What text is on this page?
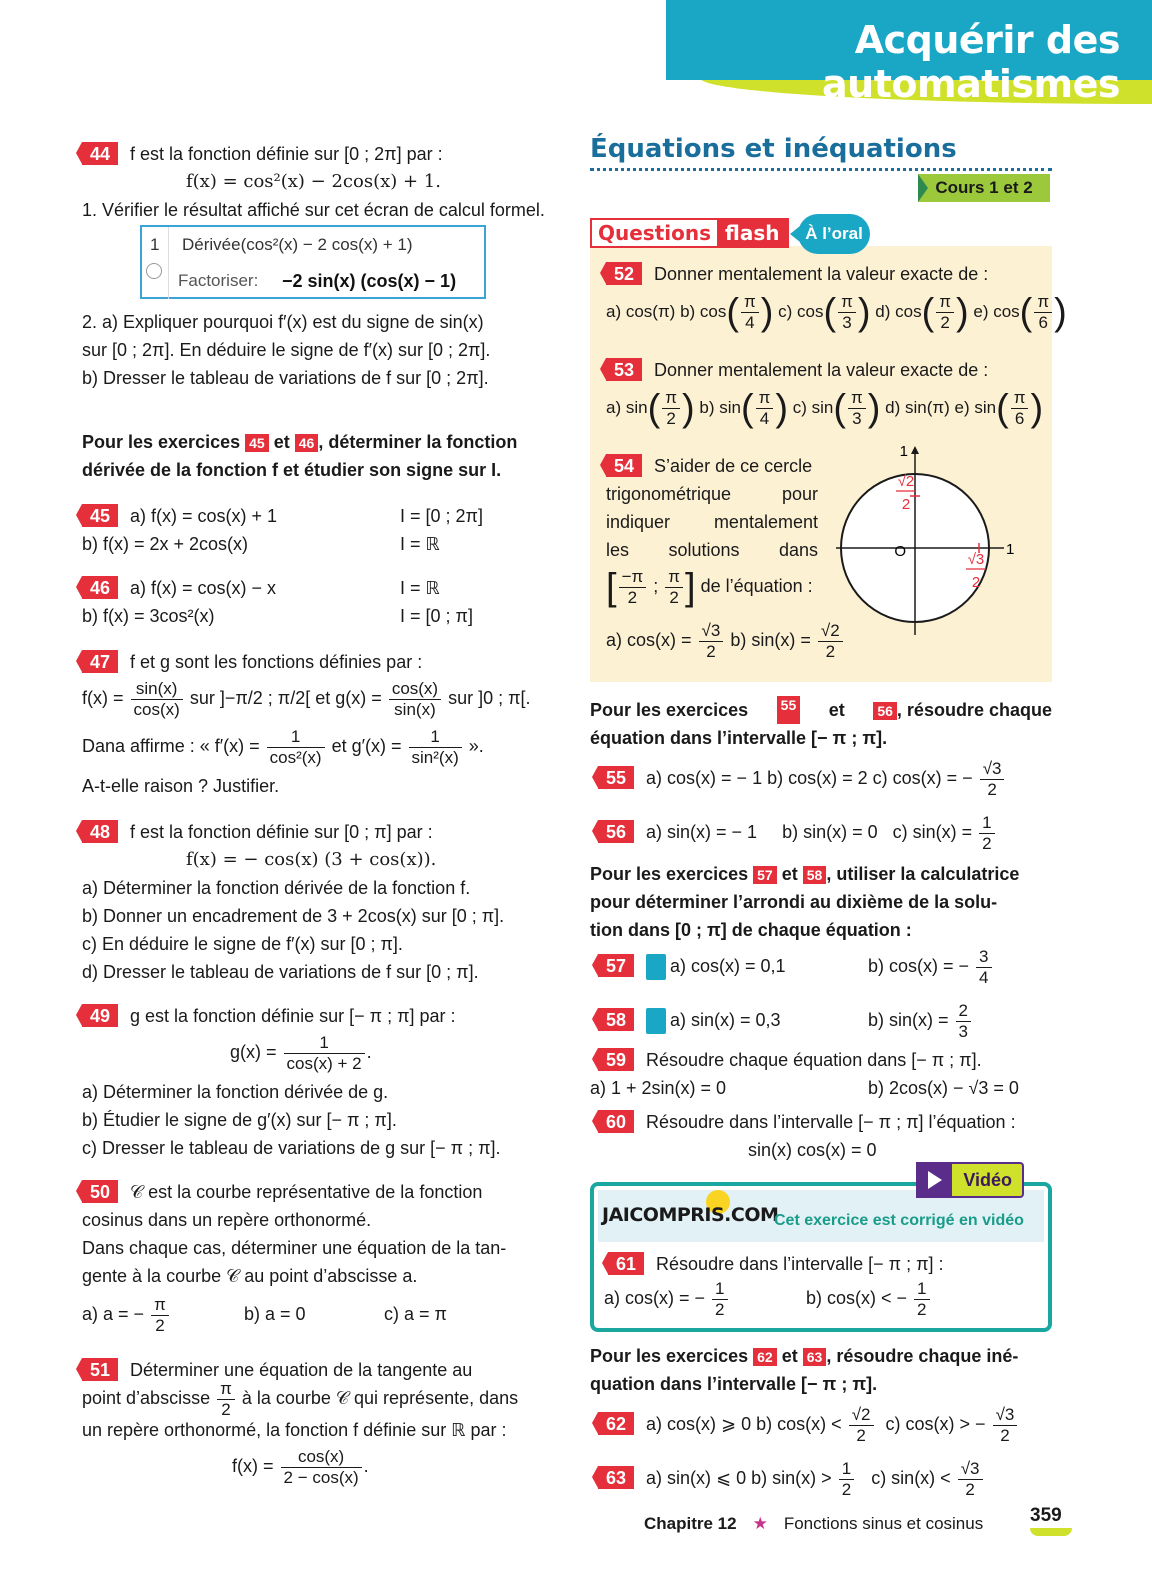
Acquérir des automatismes
44 f est la fonction définie sur [0 ; 2π] par :
f(x) = cos²(x) − 2cos(x) + 1.
1. Vérifier le résultat affiché sur cet écran de calcul formel.
1 Dérivée(cos²(x) − 2 cos(x) + 1)
Factoriser: −2 sin(x) (cos(x) − 1)
2. a) Expliquer pourquoi f′(x) est du signe de sin(x)
sur [0 ; 2π]. En déduire le signe de f′(x) sur [0 ; 2π].
b) Dresser le tableau de variations de f sur [0 ; 2π].
Pour les exercices 45 et 46 , déterminer la fonction
dérivée de la fonction f et étudier son signe sur I.
45 a) f(x) = cos(x) + 1	I = [0 ; 2π]
b) f(x) = 2x + 2cos(x)	I = ℝ
46 a) f(x) = cos(x) − x	I = ℝ
b) f(x) = 3cos²(x)	I = [0 ; π]
47 f et g sont les fonctions définies par :
$f(x) = \frac{\sin(x)}{\cos(x)}$ sur ]−π/2 ; π/2[ et $g(x) = \frac{\cos(x)}{\sin(x)}$ sur ]0 ; π[.
Dana affirme : « $f'(x) = \frac{1}{\text{cos²(x)}}$ et $g'(x) = \frac{1}{\text{sin²(x)}}$ ».
A-t-elle raison ? Justifier.
48 f est la fonction définie sur [0 ; π] par :
f(x) = − cos(x) (3 + cos(x)).
a) Déterminer la fonction dérivée de la fonction f.
b) Donner un encadrement de 3 + 2cos(x) sur [0 ; π].
c) En déduire le signe de f′(x) sur [0 ; π].
d) Dresser le tableau de variations de f sur [0 ; π].
49 g est la fonction définie sur [− π ; π] par :
$g(x) = \frac{1}{\cos(x) + 2}$ .
a) Déterminer la fonction dérivée de g.
b) Étudier le signe de g′(x) sur [− π ; π].
c) Dresser le tableau de variations de g sur [− π ; π].
50 𝒞 est la courbe représentative de la fonction
cosinus dans un repère orthonormé.
Dans chaque cas, déterminer une équation de la tan-
gente à la courbe 𝒞 au point d’abscisse a.
a) a = − $\frac{\pi}{2}$	b) a = 0	c) a = π
51 Déterminer une équation de la tangente au
point d’abscisse $\frac{\pi}{2}$ à la courbe 𝒞 qui représente, dans
un repère orthonormé, la fonction f définie sur ℝ par :
$f(x) = \frac{\cos(x)}{2 - \cos(x)}$ .
Équations et inéquations
Cours 1 et 2
Questions flash	À l’oral
52 Donner mentalement la valeur exacte de :
a) cos(π) b) $\cos( \frac{\pi}{4}$ ) c) $\cos( \frac{\pi}{3}$ ) d) $\cos( \frac{\pi}{2}$ ) e) $\cos( \frac{\pi}{6}$ )
53 Donner mentalement la valeur exacte de :
a) $\sin( \frac{\pi}{2}$ ) b) $\sin( \frac{\pi}{4}$ ) c) $\sin( \frac{\pi}{3}$ ) d) sin(π) e) $\sin( \frac{\pi}{6}$ )
54 S’aider de ce cercle
trigonométrique pour
indiquer mentalement
les solutions dans
[ $\frac{-\pi}{2}$ ; $\frac{\pi}{2}$ ] de l’équation :
a) $\cos(x) = \frac{√3}{2} b$) $\sin(x) = \frac{√2}{2}$
O	1
1
√2
2
√3
2
Pour les exercices 55 et 56 , résoudre chaque
équation dans l’intervalle [− π ; π].
55 a) cos(x) = − 1 b) cos(x) = 2 c) cos(x) = − $\frac{√3}{2}$
56 a) sin(x) = − 1 b) sin(x) = 0 c) $\sin(x) = \frac{1}{2}$
Pour les exercices 57 et 58 , utiliser la calculatrice
pour déterminer l’arrondi au dixième de la solu-
tion dans [0 ; π] de chaque équation :
57 a) cos(x) = 0,1	b) cos(x) = − $\frac{3}{4}$
58 a) sin(x) = 0,3	b) $\sin(x) = \frac{2}{3}$
59 Résoudre chaque équation dans [− π ; π].
a) 1 + 2sin(x) = 0	b) 2cos(x) − √3 = 0
60 Résoudre dans l’intervalle [− π ; π] l’équation :
sin(x) cos(x) = 0
Vidéo
JAICOMPRIS.COM
Cet exercice est corrigé en vidéo
61 Résoudre dans l’intervalle [− π ; π] :
a) cos(x) = − $\frac{1}{2}$	b) cos(x) < − $\frac{1}{2}$
Pour les exercices 62 et 63 , résoudre chaque iné-
quation dans l’intervalle [− π ; π].
62 a) cos(x) ⩾ 0 b) $\cos(x) < \frac{√2}{2} c$) cos(x) > − $\frac{√3}{2}$
63 a) sin(x) ⩽ 0 b) $\sin(x) > \frac{1}{2} c$) $\sin(x) < \frac{√3}{2}$
Chapitre 12 ★ Fonctions sinus et cosinus 359
